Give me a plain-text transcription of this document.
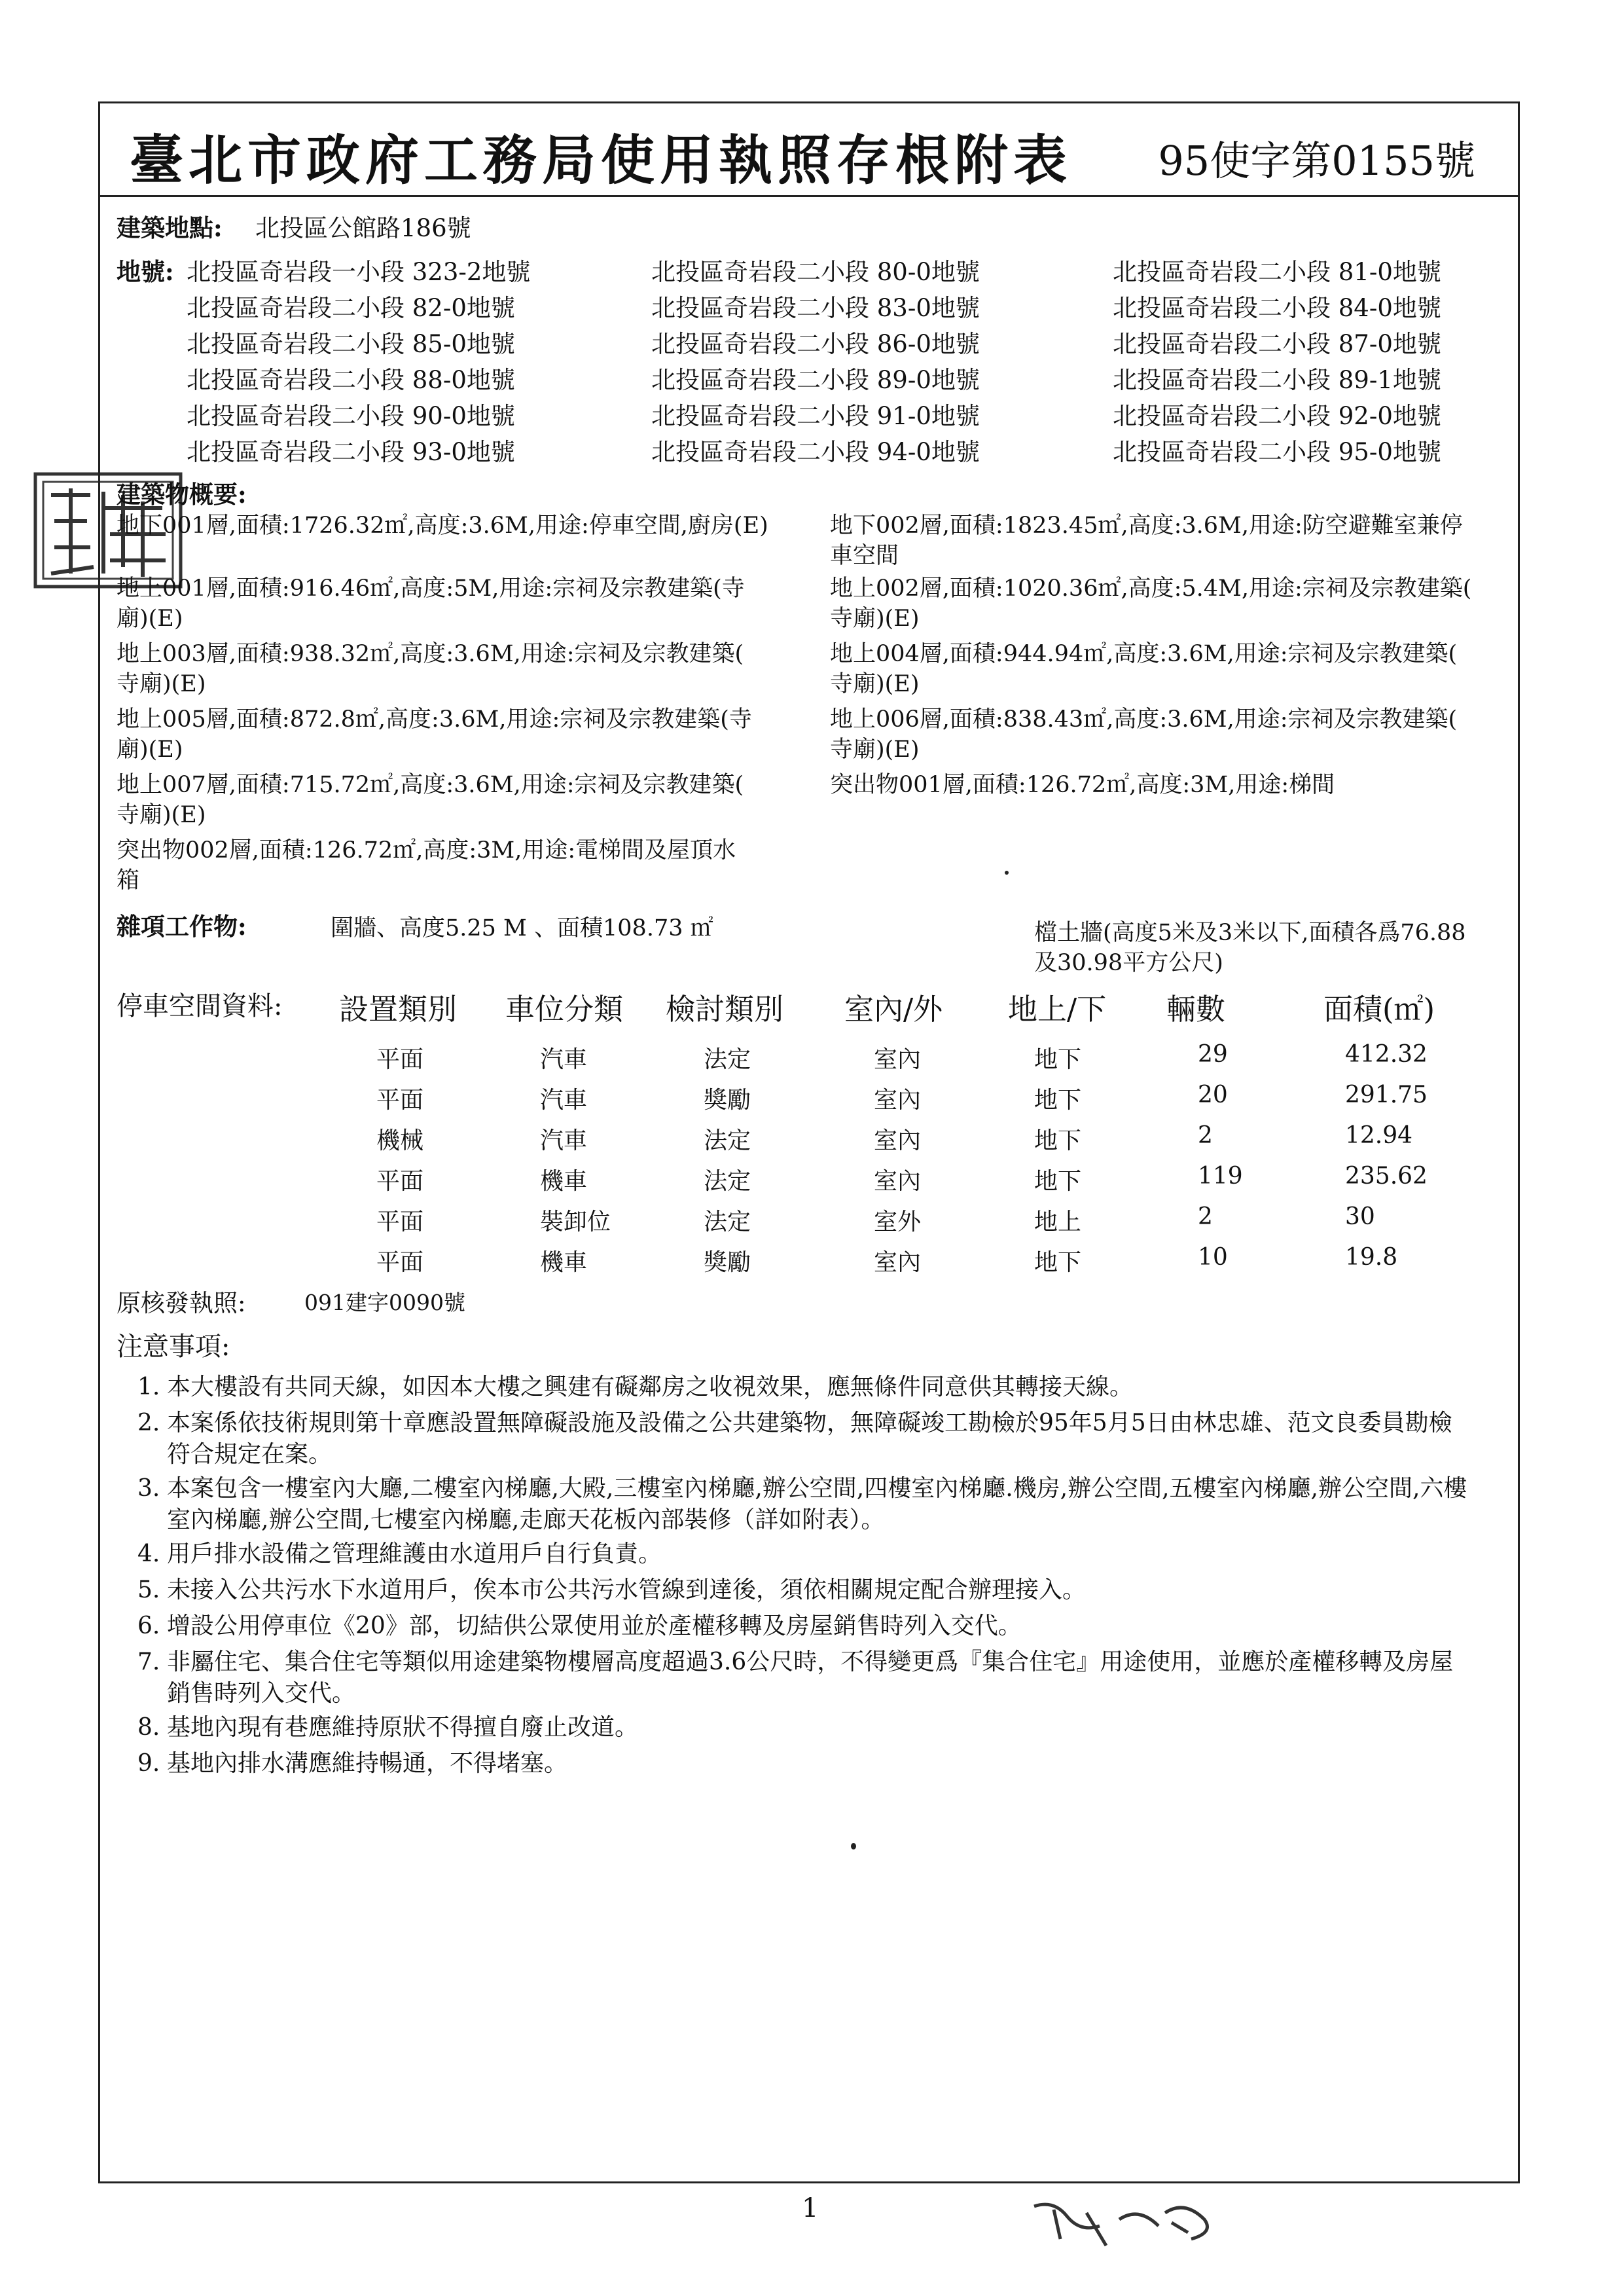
臺北市政府工務局使用執照存根附表 95使字第0155號
建築地點: 北投區公館路186號
地號: 北投區奇岩段一小段 323-2地號	北投區奇岩段二小段 80-0地號	北投區奇岩段二小段 81-0地號
北投區奇岩段二小段 82-0地號	北投區奇岩段二小段 83-0地號	北投區奇岩段二小段 84-0地號
北投區奇岩段二小段 85-0地號	北投區奇岩段二小段 86-0地號	北投區奇岩段二小段 87-0地號
北投區奇岩段二小段 88-0地號	北投區奇岩段二小段 89-0地號	北投區奇岩段二小段 89-1地號
北投區奇岩段二小段 90-0地號	北投區奇岩段二小段 91-0地號	北投區奇岩段二小段 92-0地號
北投區奇岩段二小段 93-0地號	北投區奇岩段二小段 94-0地號	北投區奇岩段二小段 95-0地號
建築物概要:
地下001層,面積:1726.32㎡,高度:3.6M,用途:停車空間,廚房(E)
地上001層,面積:916.46㎡,高度:5M,用途:宗祠及宗教建築(寺
廟)(E)
地上003層,面積:938.32㎡,高度:3.6M,用途:宗祠及宗教建築(
寺廟)(E)
地上005層,面積:872.8㎡,高度:3.6M,用途:宗祠及宗教建築(寺
廟)(E)
地上007層,面積:715.72㎡,高度:3.6M,用途:宗祠及宗教建築(
寺廟)(E)
突出物002層,面積:126.72㎡,高度:3M,用途:電梯間及屋頂水
箱
地下002層,面積:1823.45㎡,高度:3.6M,用途:防空避難室兼停
車空間
地上002層,面積:1020.36㎡,高度:5.4M,用途:宗祠及宗教建築(
寺廟)(E)
地上004層,面積:944.94㎡,高度:3.6M,用途:宗祠及宗教建築(
寺廟)(E)
地上006層,面積:838.43㎡,高度:3.6M,用途:宗祠及宗教建築(
寺廟)(E)
突出物001層,面積:126.72㎡,高度:3M,用途:梯間
雜項工作物:	圍牆、高度5.25 M 、面積108.73 ㎡	檔土牆(高度5米及3米以下,面積各爲76.88
及30.98平方公尺)
停車空間資料: 設置類別 車位分類 檢討類別 室內/外 地上/下 輛數	面積(㎡)
平面	汽車	法定	室內	地下	29	412.32
平面	汽車	獎勵	室內	地下	20	291.75
機械	汽車	法定	室內	地下	2	12.94
平面	機車	法定	室內	地下	119	235.62
平面	裝卸位	法定	室外	地上	2	30
平面	機車	獎勵	室內	地下	10	19.8
原核發執照:	091建字0090號
注意事項:
1. 本大樓設有共同天線，如因本大樓之興建有礙鄰房之收視效果，應無條件同意供其轉接天線。
2. 本案係依技術規則第十章應設置無障礙設施及設備之公共建築物，無障礙竣工勘檢於95年5月5日由林忠雄、范文良委員勘檢符合規定在案。
3. 本案包含一樓室內大廳,二樓室內梯廳,大殿,三樓室內梯廳,辦公空間,四樓室內梯廳.機房,辦公空間,五樓室內梯廳,辦公空間,六樓室內梯廳,辦公空間,七樓室內梯廳,走廊天花板內部裝修（詳如附表）。
4. 用戶排水設備之管理維護由水道用戶自行負責。
5. 未接入公共污水下水道用戶，俟本市公共污水管線到達後，須依相關規定配合辦理接入。
6. 增設公用停車位《20》部，切結供公眾使用並於產權移轉及房屋銷售時列入交代。
7. 非屬住宅、集合住宅等類似用途建築物樓層高度超過3.6公尺時，不得變更爲『集合住宅』用途使用，並應於產權移轉及房屋銷售時列入交代。
8. 基地內現有巷應維持原狀不得擅自廢止改道。
9. 基地內排水溝應維持暢通，不得堵塞。
1
